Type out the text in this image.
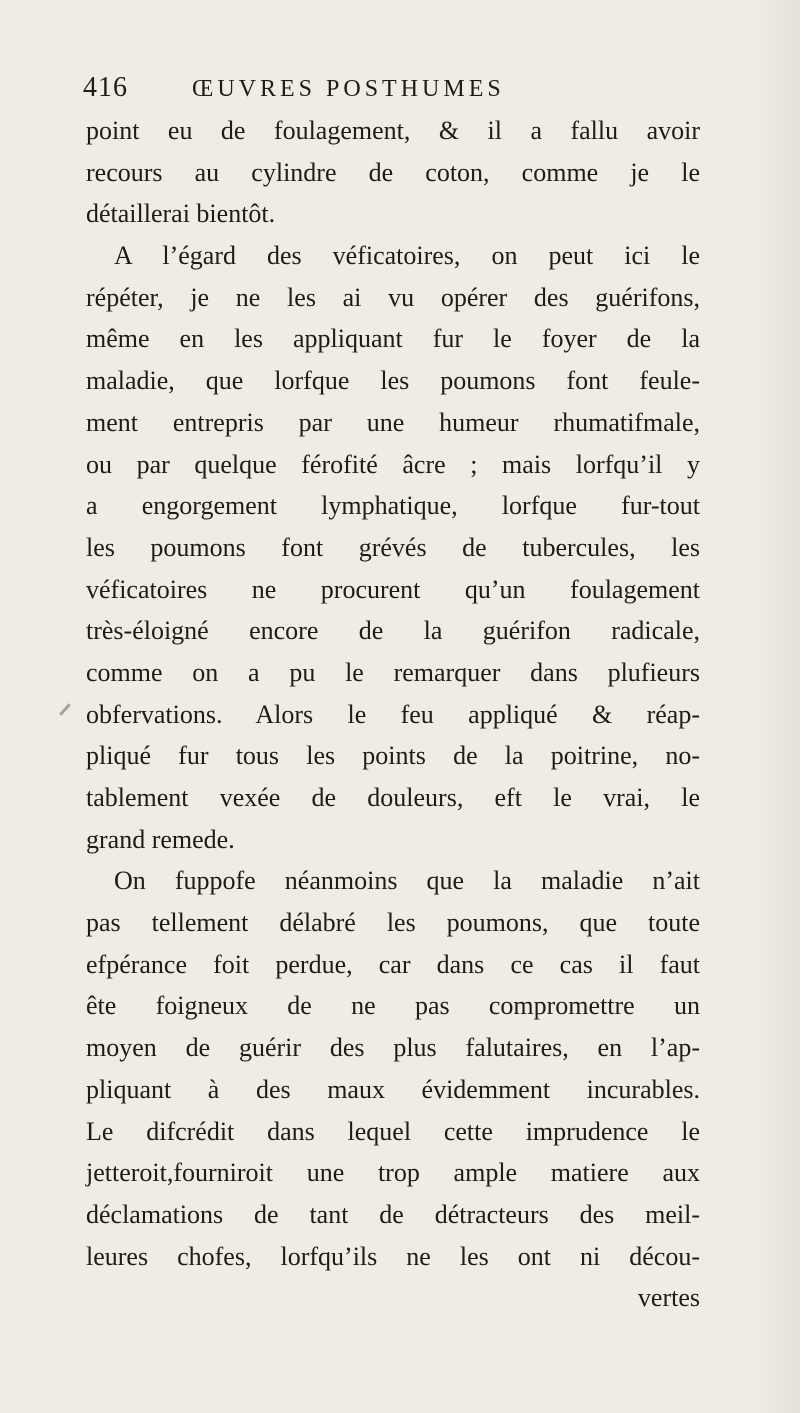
416	ŒUVRES POSTHUMES
point eu de foulagement, & il a fallu avoir
recours au cylindre de coton, comme je le
détaillerai bientôt.
A l’égard des véficatoires, on peut ici le
répéter, je ne les ai vu opérer des guérifons,
même en les appliquant fur le foyer de la
maladie, que lorfque les poumons font feule-
ment entrepris par une humeur rhumatifmale,
ou par quelque férofité âcre ; mais lorfqu’il y
a engorgement lymphatique, lorfque fur-tout
les poumons font grévés de tubercules, les
véficatoires ne procurent qu’un foulagement
très-éloigné encore de la guérifon radicale,
comme on a pu le remarquer dans plufieurs
obfervations. Alors le feu appliqué & réap-
pliqué fur tous les points de la poitrine, no-
tablement vexée de douleurs, eft le vrai, le
grand remede.
On fuppofe néanmoins que la maladie n’ait
pas tellement délabré les poumons, que toute
efpérance foit perdue, car dans ce cas il faut
ête foigneux de ne pas compromettre un
moyen de guérir des plus falutaires, en l’ap-
pliquant à des maux évidemment incurables.
Le difcrédit dans lequel cette imprudence le
jetteroit,fourniroit une trop ample matiere aux
déclamations de tant de détracteurs des meil-
leures chofes, lorfqu’ils ne les ont ni décou-
vertes
